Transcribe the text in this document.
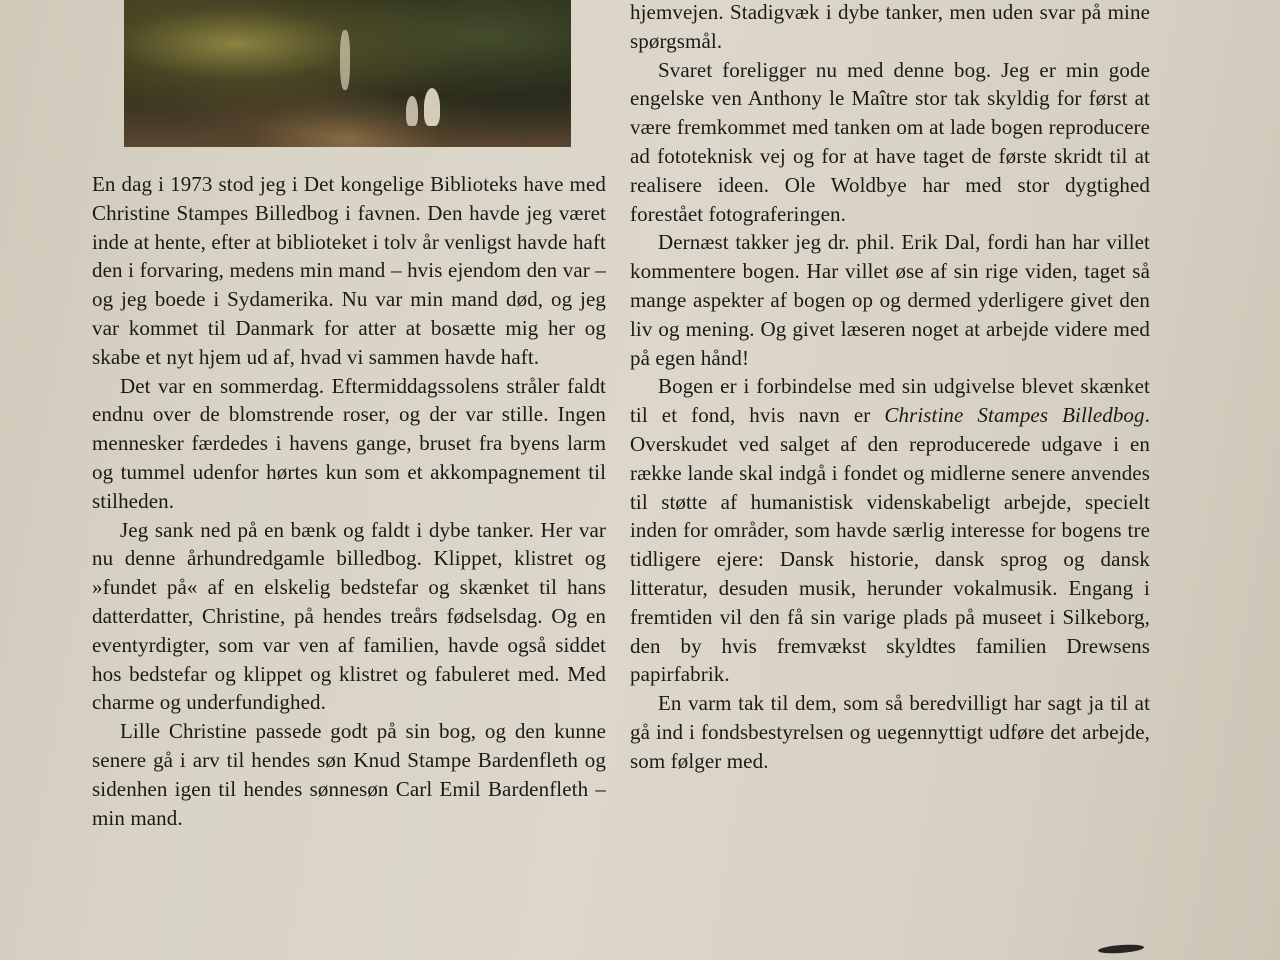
En dag i 1973 stod jeg i Det kongelige Biblioteks have med Christine Stampes Billedbog i favnen. Den havde jeg været inde at hente, efter at biblioteket i tolv år venligst havde haft den i forvaring, medens min mand – hvis ejendom den var – og jeg boede i Sydamerika. Nu var min mand død, og jeg var kommet til Danmark for atter at bosætte mig her og skabe et nyt hjem ud af, hvad vi sammen havde haft.

Det var en sommerdag. Eftermiddagssolens stråler faldt endnu over de blomstrende roser, og der var stille. Ingen mennesker færdedes i havens gange, bruset fra byens larm og tummel udenfor hørtes kun som et akkompagnement til stilheden.

Jeg sank ned på en bænk og faldt i dybe tanker. Her var nu denne århundredgamle billedbog. Klippet, klistret og »fundet på« af en elskelig bedstefar og skænket til hans datterdatter, Christine, på hendes treårs fødselsdag. Og en eventyrdigter, som var ven af familien, havde også siddet hos bedstefar og klippet og klistret og fabuleret med. Med charme og underfundighed.

Lille Christine passede godt på sin bog, og den kunne senere gå i arv til hendes søn Knud Stampe Bardenfleth og sidenhen igen til hendes sønnesøn Carl Emil Bardenfleth – min mand.

hjemvejen. Stadigvæk i dybe tanker, men uden svar på mine spørgsmål.

Svaret foreligger nu med denne bog. Jeg er min gode engelske ven Anthony le Maître stor tak skyldig for først at være fremkommet med tanken om at lade bogen reproducere ad fototeknisk vej og for at have taget de første skridt til at realisere ideen. Ole Woldbye har med stor dygtighed forestået fotograferingen.

Dernæst takker jeg dr. phil. Erik Dal, fordi han har villet kommentere bogen. Har villet øse af sin rige viden, taget så mange aspekter af bogen op og dermed yderligere givet den liv og mening. Og givet læseren noget at arbejde videre med på egen hånd!

Bogen er i forbindelse med sin udgivelse blevet skænket til et fond, hvis navn er Christine Stampes Billedbog. Overskudet ved salget af den reproducerede udgave i en række lande skal indgå i fondet og midlerne senere anvendes til støtte af humanistisk videnskabeligt arbejde, specielt inden for områder, som havde særlig interesse for bogens tre tidligere ejere: Dansk historie, dansk sprog og dansk litteratur, desuden musik, herunder vokalmusik. Engang i fremtiden vil den få sin varige plads på museet i Silkeborg, den by hvis fremvækst skyldtes familien Drewsens papirfabrik.

En varm tak til dem, som så beredvilligt har sagt ja til at gå ind i fondsbestyrelsen og uegennyttigt udføre det arbejde, som følger med.
